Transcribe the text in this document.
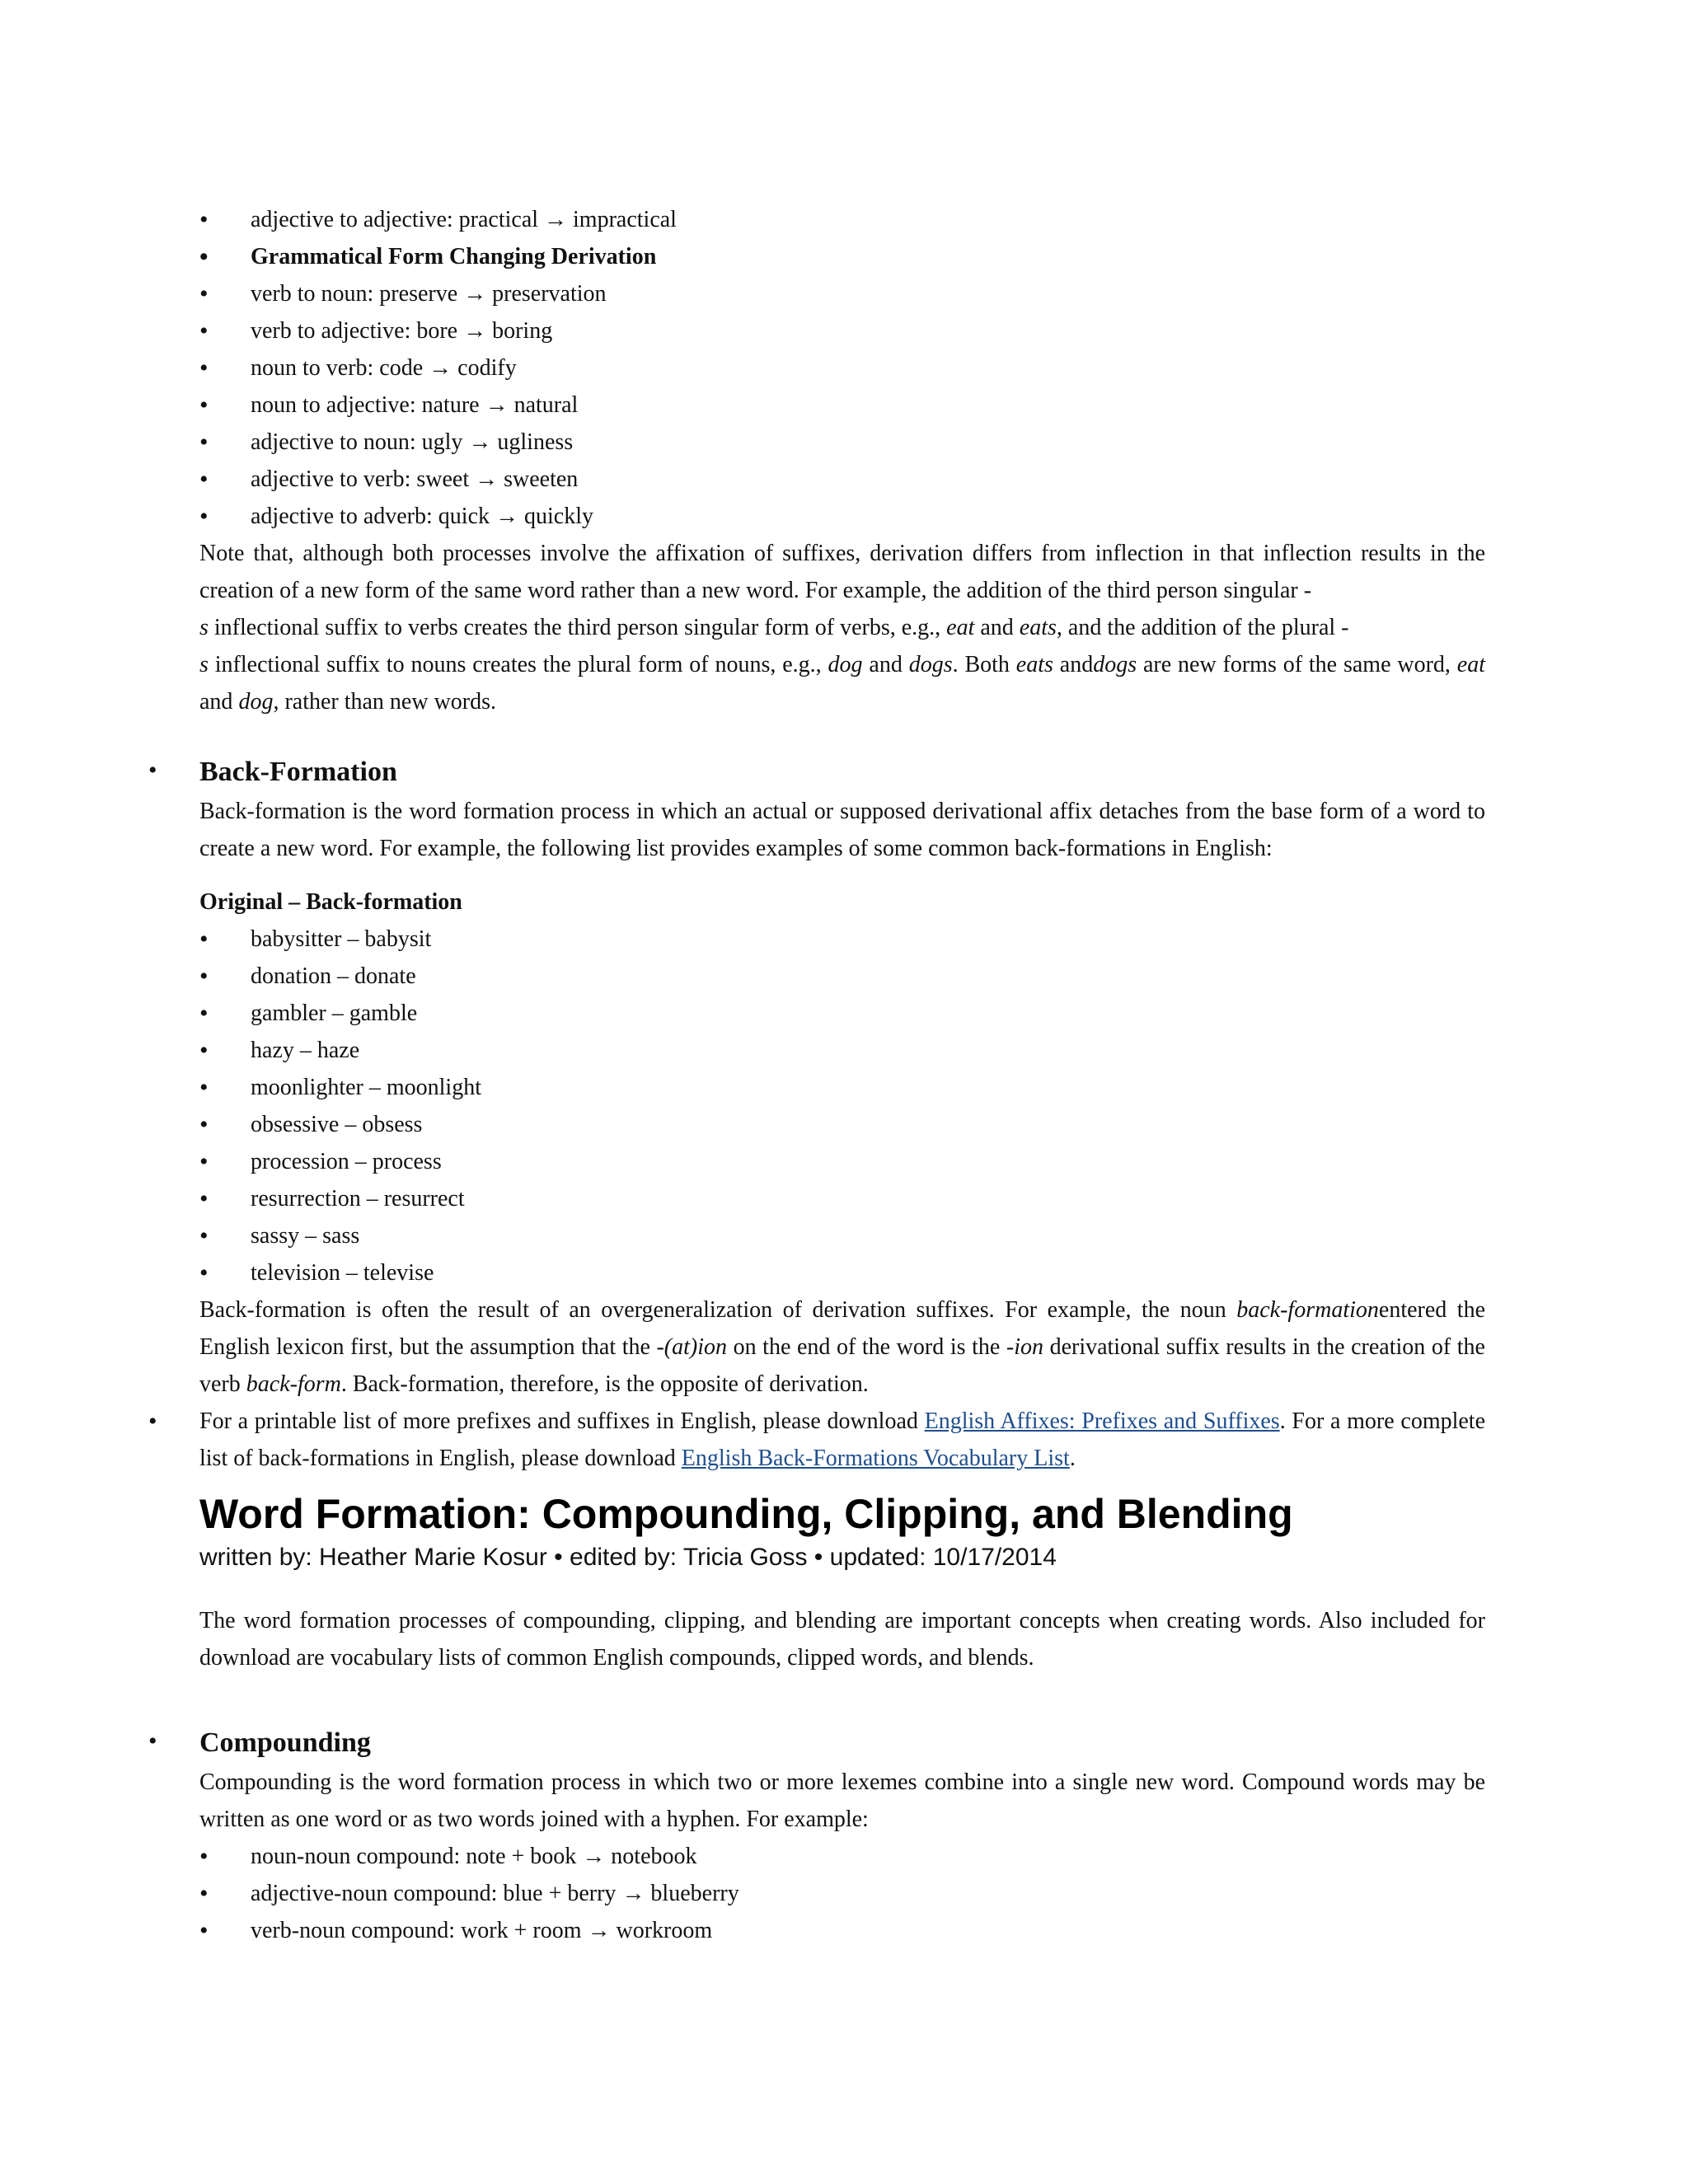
• adjective to adjective: practical → impractical
• Grammatical Form Changing Derivation
• verb to noun: preserve → preservation
• verb to adjective: bore → boring
• noun to verb: code → codify
• noun to adjective: nature → natural
• adjective to noun: ugly → ugliness
• adjective to verb: sweet → sweeten
• adjective to adverb: quick → quickly

Note that, although both processes involve the affixation of suffixes, derivation differs from inflection in that inflection results in the creation of a new form of the same word rather than a new word. For example, the addition of the third person singular -
s inflectional suffix to verbs creates the third person singular form of verbs, e.g., eat and eats, and the addition of the plural -
s inflectional suffix to nouns creates the plural form of nouns, e.g., dog and dogs. Both eats anddogs are new forms of the same word, eat and dog, rather than new words.

• Back-Formation

Back-formation is the word formation process in which an actual or supposed derivational affix detaches from the base form of a word to create a new word. For example, the following list provides examples of some common back-formations in English:

Original – Back-formation
• babysitter – babysit
• donation – donate
• gambler – gamble
• hazy – haze
• moonlighter – moonlight
• obsessive – obsess
• procession – process
• resurrection – resurrect
• sassy – sass
• television – televise

Back-formation is often the result of an overgeneralization of derivation suffixes. For example, the noun back-formationentered the English lexicon first, but the assumption that the -(at)ion on the end of the word is the -ion derivational suffix results in the creation of the verb back-form. Back-formation, therefore, is the opposite of derivation.

• For a printable list of more prefixes and suffixes in English, please download English Affixes: Prefixes and Suffixes. For a more complete list of back-formations in English, please download English Back-Formations Vocabulary List.

Word Formation: Compounding, Clipping, and Blending
written by: Heather Marie Kosur • edited by: Tricia Goss • updated: 10/17/2014

The word formation processes of compounding, clipping, and blending are important concepts when creating words. Also included for download are vocabulary lists of common English compounds, clipped words, and blends.

• Compounding

Compounding is the word formation process in which two or more lexemes combine into a single new word. Compound words may be written as one word or as two words joined with a hyphen. For example:

• noun-noun compound: note + book → notebook
• adjective-noun compound: blue + berry → blueberry
• verb-noun compound: work + room → workroom
